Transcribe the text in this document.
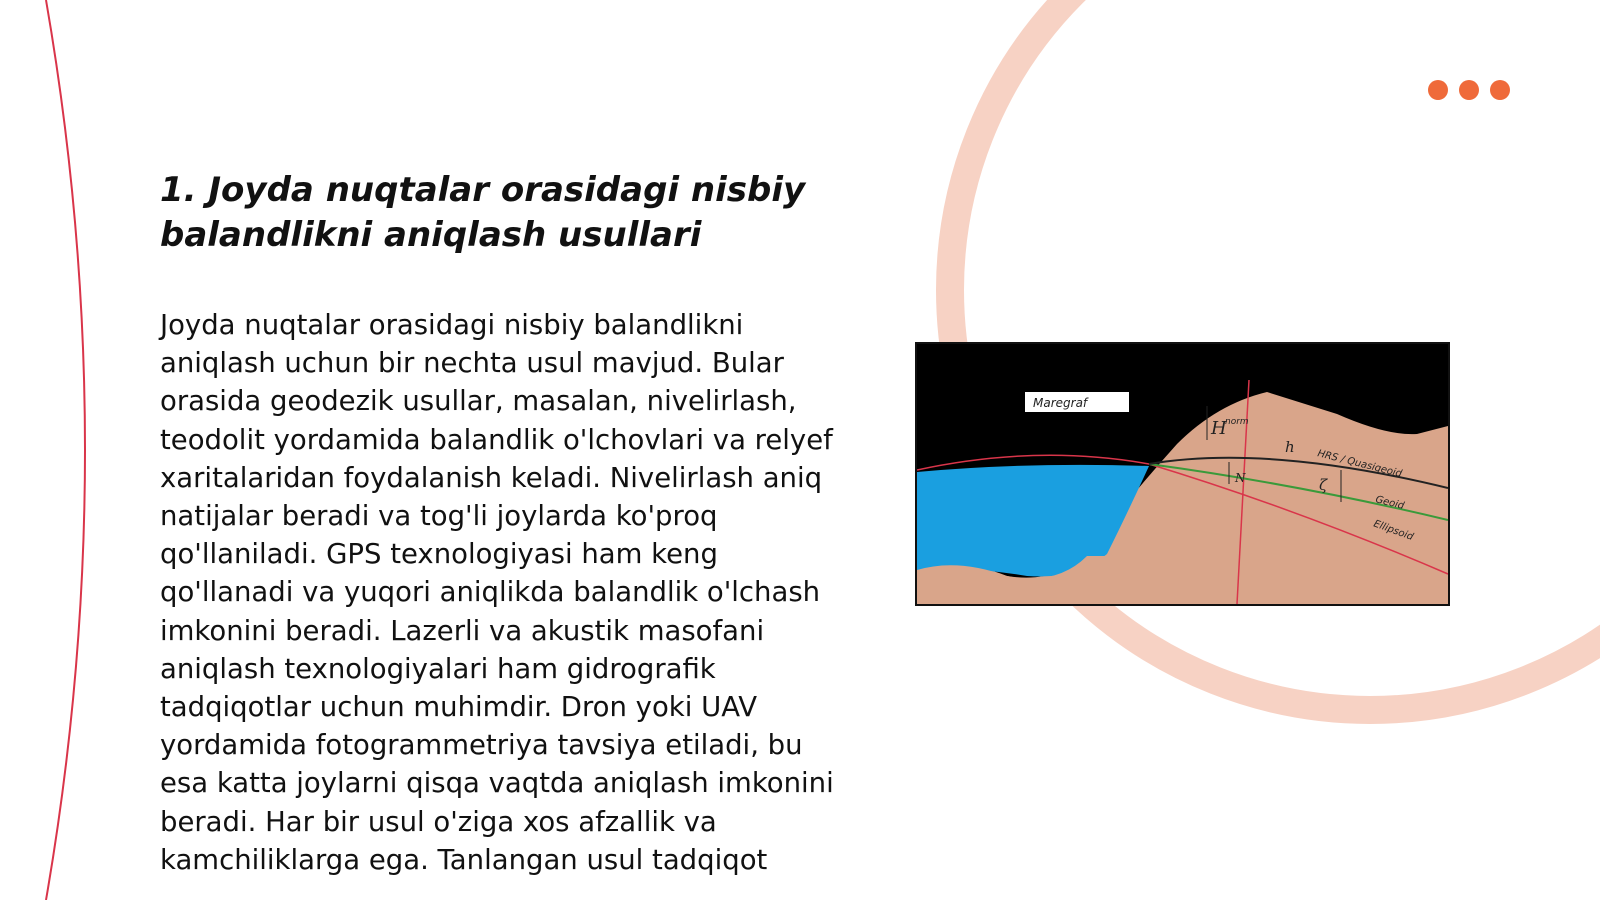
1. Joyda nuqtalar orasidagi nisbiy balandlikni aniqlash usullari

Joyda nuqtalar orasidagi nisbiy balandlikni aniqlash uchun bir nechta usul mavjud. Bular orasida geodezik usullar, masalan, nivelirlash, teodolit yordamida balandlik o'lchovlari va relyef xaritalaridan foydalanish keladi. Nivelirlash aniq natijalar beradi va tog'li joylarda ko'proq qo'llaniladi. GPS texnologiyasi ham keng qo'llanadi va yuqori aniqlikda balandlik o'lchash imkonini beradi. Lazerli va akustik masofani aniqlash texnologiyalari ham gidrografik tadqiqotlar uchun muhimdir. Dron yoki UAV yordamida fotogrammetriya tavsiya etiladi, bu esa katta joylarni qisqa vaqtda aniqlash imkonini beradi. Har bir usul o'ziga xos afzallik va kamchiliklarga ega. Tanlangan usul tadqiqot

Maregraf
H
norm
h
HRS / Quasigeoid
Geoid
Ellipsoid
N	ζ
